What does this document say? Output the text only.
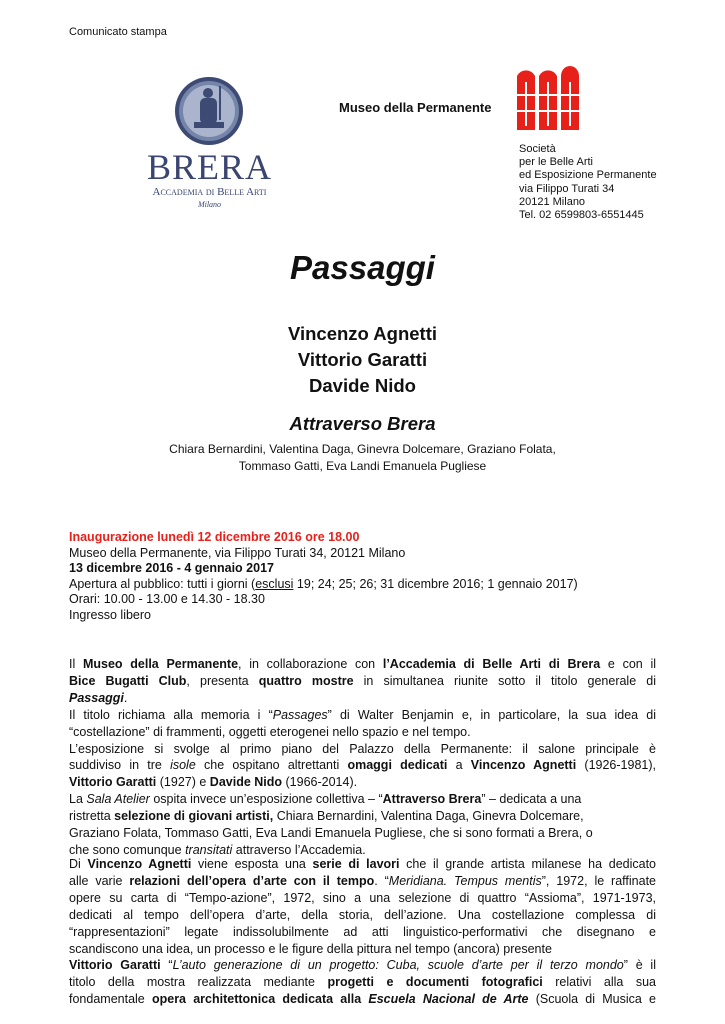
Comunicato stampa
BRERA
Accademia di Belle Arti
Milano
Museo della Permanente
Società
per le Belle Arti
ed Esposizione Permanente
via Filippo Turati 34
20121 Milano
Tel. 02 6599803-6551445
Passaggi
Vincenzo Agnetti
Vittorio Garatti
Davide Nido
Attraverso Brera
Chiara Bernardini, Valentina Daga, Ginevra Dolcemare, Graziano Folata,
Tommaso Gatti, Eva Landi Emanuela Pugliese
Inaugurazione lunedì 12 dicembre 2016 ore 18.00
Museo della Permanente, via Filippo Turati 34, 20121 Milano
13 dicembre 2016 - 4 gennaio 2017
Apertura al pubblico: tutti i giorni (esclusi 19; 24; 25; 26; 31 dicembre 2016; 1 gennaio 2017)
Orari: 10.00 - 13.00 e 14.30 - 18.30
Ingresso libero
Il Museo della Permanente, in collaborazione con l’Accademia di Belle Arti di Brera e con il
Bice Bugatti Club, presenta quattro mostre in simultanea riunite sotto il titolo generale di
Passaggi.
Il titolo richiama alla memoria i “Passages” di Walter Benjamin e, in particolare, la sua idea di
“costellazione” di frammenti, oggetti eterogenei nello spazio e nel tempo.
L’esposizione si svolge al primo piano del Palazzo della Permanente: il salone principale è
suddiviso in tre isole che ospitano altrettanti omaggi dedicati a Vincenzo Agnetti (1926-1981),
Vittorio Garatti (1927) e Davide Nido (1966-2014).
La Sala Atelier ospita invece un’esposizione collettiva – “Attraverso Brera” – dedicata a una
ristretta selezione di giovani artisti, Chiara Bernardini, Valentina Daga, Ginevra Dolcemare,
Graziano Folata, Tommaso Gatti, Eva Landi Emanuela Pugliese, che si sono formati a Brera, o
che sono comunque transitati attraverso l’Accademia.
Di Vincenzo Agnetti viene esposta una serie di lavori che il grande artista milanese ha dedicato
alle varie relazioni dell’opera d’arte con il tempo. “Meridiana. Tempus mentis”, 1972, le raffinate
opere su carta di “Tempo-azione”, 1972, sino a una selezione di quattro “Assioma”, 1971-1973,
dedicati al tempo dell’opera d’arte, della storia, dell’azione. Una costellazione complessa di
“rappresentazioni” legate indissolubilmente ad atti linguistico-performativi che disegnano e
scandiscono una idea, un processo e le figure della pittura nel tempo (ancora) presente
Vittorio Garatti “L’auto generazione di un progetto: Cuba, scuole d’arte per il terzo mondo” è il
titolo della mostra realizzata mediante progetti e documenti fotografici relativi alla sua
fondamentale opera architettonica dedicata alla Escuela Nacional de Arte (Scuola di Musica e
